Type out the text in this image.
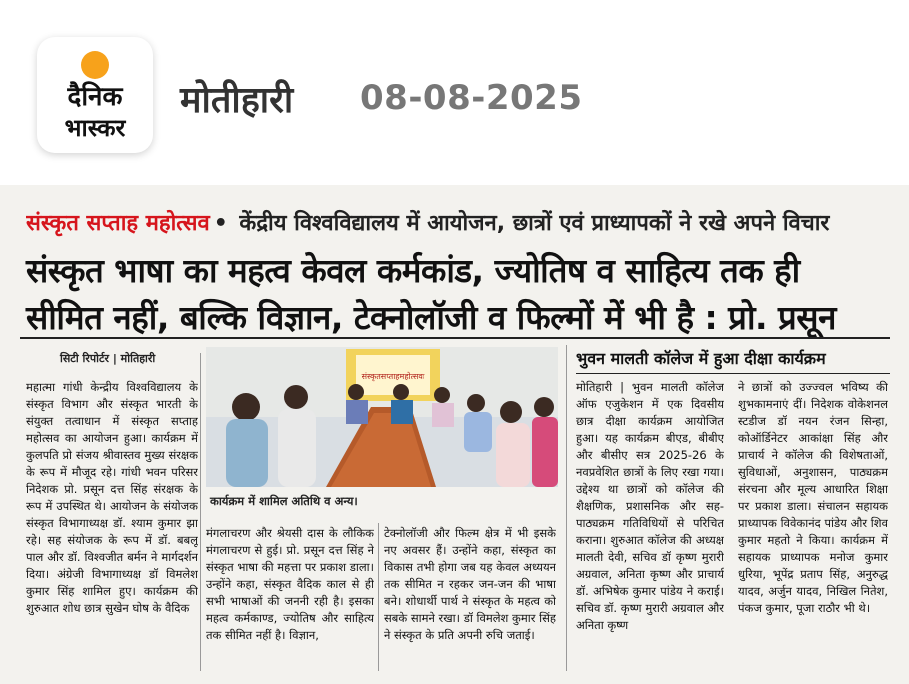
दैनिक
भास्कर
मोतीहारी 08-08-2025
संस्कृत सप्ताह महोत्सव • केंद्रीय विश्वविद्यालय में आयोजन, छात्रों एवं प्राध्यापकों ने रखे अपने विचार
संस्कृत भाषा का महत्व केवल कर्मकांड, ज्योतिष व साहित्य तक ही
सीमित नहीं, बल्कि विज्ञान, टेक्नोलॉजी व फिल्मों में भी है : प्रो. प्रसून
सिटी रिपोर्टर | मोतिहारी
महात्मा गांधी केन्द्रीय विश्वविद्यालय के संस्कृत विभाग और संस्कृत भारती के संयुक्त तत्वाधान में संस्कृत सप्ताह महोत्सव का आयोजन हुआ। कार्यक्रम में कुलपति प्रो संजय श्रीवास्तव मुख्य संरक्षक के रूप में मौजूद रहे। गांधी भवन परिसर निदेशक प्रो. प्रसून दत्त सिंह संरक्षक के रूप में उपस्थित थे। आयोजन के संयोजक संस्कृत विभागाध्यक्ष डॉ. श्याम कुमार झा रहे। सह संयोजक के रूप में डॉ. बबलू पाल और डॉ. विश्वजीत बर्मन ने मार्गदर्शन दिया। अंग्रेजी विभागाध्यक्ष डॉ विमलेश कुमार सिंह शामिल हुए। कार्यक्रम की शुरुआत शोध छात्र सुखेन घोष के वैदिक
संस्कृतसप्ताहमहोत्सवः
कार्यक्रम में शामिल अतिथि व अन्य।
मंगलाचरण और श्रेयसी दास के लौकिक मंगलाचरण से हुई। प्रो. प्रसून दत्त सिंह ने संस्कृत भाषा की महत्ता पर प्रकाश डाला। उन्होंने कहा, संस्कृत वैदिक काल से ही सभी भाषाओं की जननी रही है। इसका महत्व कर्मकाण्ड, ज्योतिष और साहित्य तक सीमित नहीं है। विज्ञान,
टेक्नोलॉजी और फिल्म क्षेत्र में भी इसके नए अवसर हैं। उन्होंने कहा, संस्कृत का विकास तभी होगा जब यह केवल अध्ययन तक सीमित न रहकर जन-जन की भाषा बने। शोधार्थी पार्थ ने संस्कृत के महत्व को सबके सामने रखा। डॉ विमलेश कुमार सिंह ने संस्कृत के प्रति अपनी रुचि जताई।
भुवन मालती कॉलेज में हुआ दीक्षा कार्यक्रम
मोतिहारी | भुवन मालती कॉलेज ऑफ एजुकेशन में एक दिवसीय छात्र दीक्षा कार्यक्रम आयोजित हुआ। यह कार्यक्रम बीएड, बीबीए और बीसीए सत्र 2025-26 के नवप्रवेशित छात्रों के लिए रखा गया। उद्देश्य था छात्रों को कॉलेज की शैक्षणिक, प्रशासनिक और सह-पाठ्यक्रम गतिविधियों से परिचित कराना। शुरुआत कॉलेज की अध्यक्ष मालती देवी, सचिव डॉ कृष्ण मुरारी अग्रवाल, अनिता कृष्ण और प्राचार्य डॉ. अभिषेक कुमार पांडेय ने कराई। सचिव डॉ. कृष्ण मुरारी अग्रवाल और अनिता कृष्ण
ने छात्रों को उज्ज्वल भविष्य की शुभकामनाएं दीं। निदेशक वोकेशनल स्टडीज डॉ नयन रंजन सिन्हा, कोऑर्डिनेटर आकांक्षा सिंह और प्राचार्य ने कॉलेज की विशेषताओं, सुविधाओं, अनुशासन, पाठ्यक्रम संरचना और मूल्य आधारित शिक्षा पर प्रकाश डाला। संचालन सहायक प्राध्यापक विवेकानंद पांडेय और शिव कुमार महतो ने किया। कार्यक्रम में सहायक प्राध्यापक मनोज कुमार धुरिया, भूपेंद्र प्रताप सिंह, अनुरुद्ध यादव, अर्जुन यादव, निखिल नितेश, पंकज कुमार, पूजा राठौर भी थे।
